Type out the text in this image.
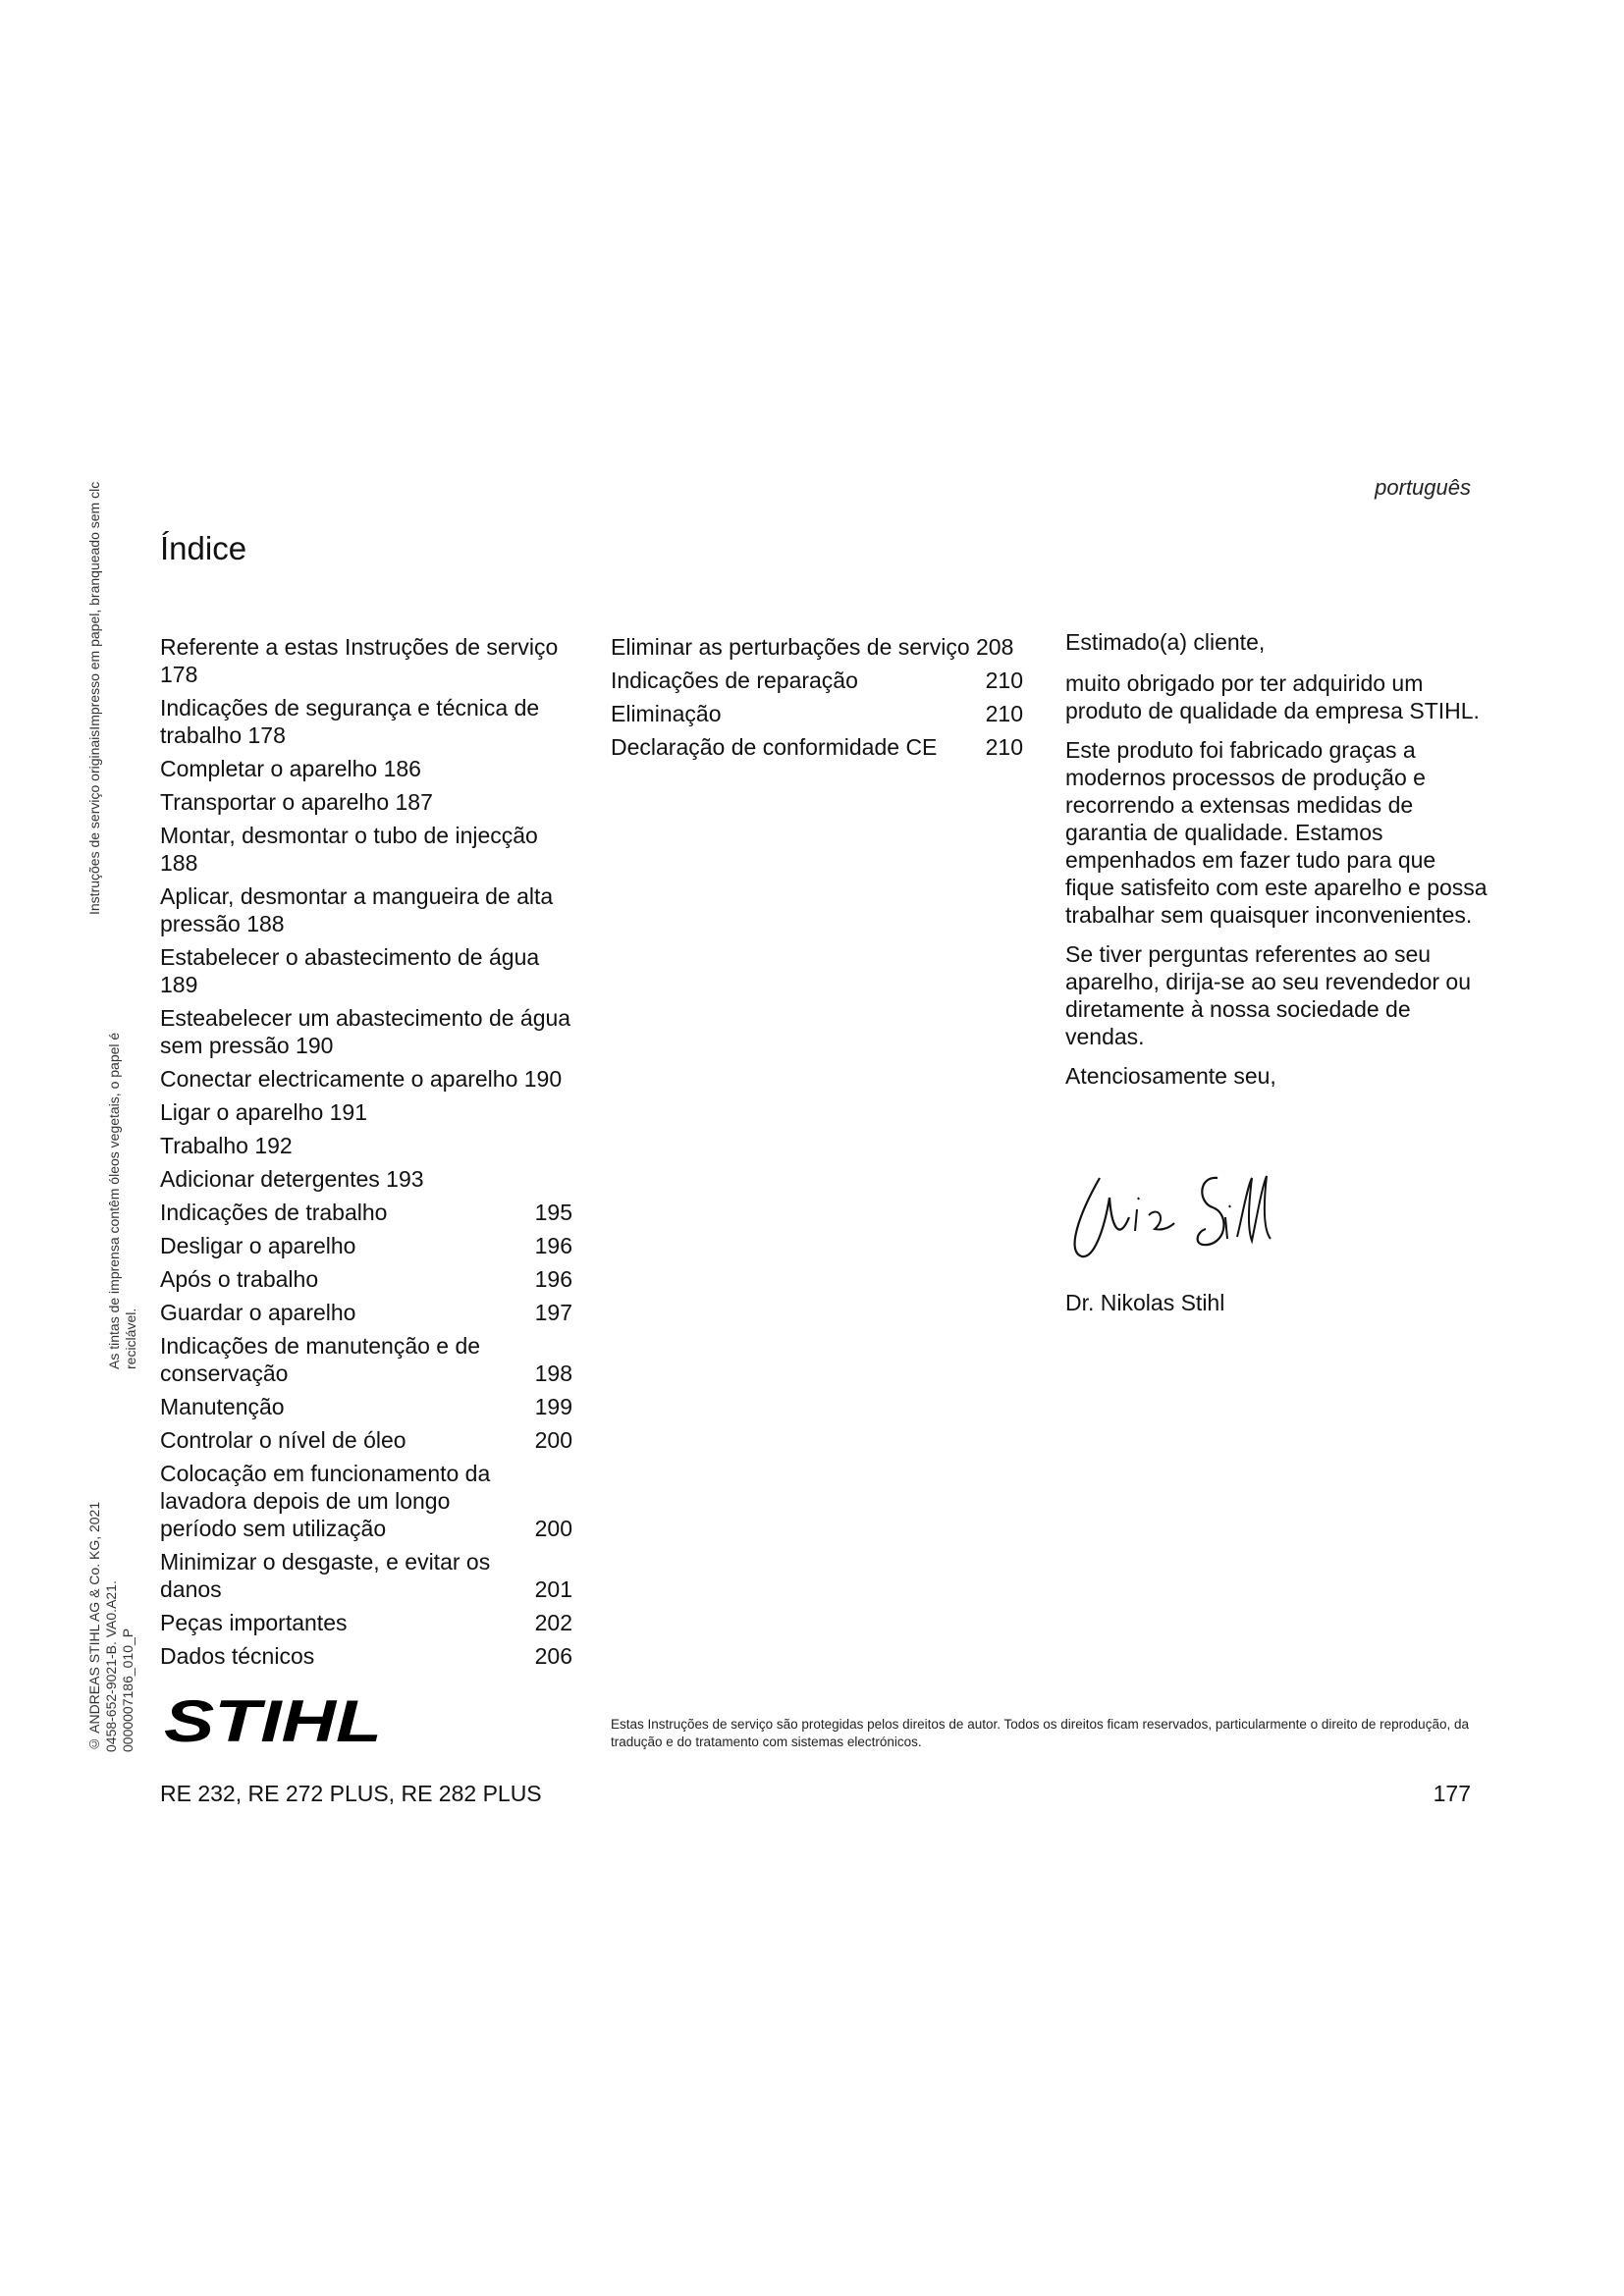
português
Índice
Referente a estas Instruções de serviço 178
Indicações de segurança e técnica de trabalho 178
Completar o aparelho 186
Transportar o aparelho 187
Montar, desmontar o tubo de injecção 188
Aplicar, desmontar a mangueira de alta pressão 188
Estabelecer o abastecimento de água 189
Esteabelecer um abastecimento de água sem pressão 190
Conectar electricamente o aparelho 190
Ligar o aparelho 191
Trabalho 192
Adicionar detergentes 193
Indicações de trabalho	195
Desligar o aparelho	196
Após o trabalho	196
Guardar o aparelho	197
Indicações de manutenção e de conservação	198
Manutenção	199
Controlar o nível de óleo	200
Colocação em funcionamento da lavadora depois de um longo período sem utilização	200
Minimizar o desgaste, e evitar os danos	201
Peças importantes	202
Dados técnicos	206
Eliminar as perturbações de serviço 208
Indicações de reparação	210
Eliminação	210
Declaração de conformidade CE	210

Estimado(a) cliente,

muito obrigado por ter adquirido um produto de qualidade da empresa STIHL.

Este produto foi fabricado graças a modernos processos de produção e recorrendo a extensas medidas de garantia de qualidade. Estamos empenhados em fazer tudo para que fique satisfeito com este aparelho e possa trabalhar sem quaisquer inconvenientes.

Se tiver perguntas referentes ao seu aparelho, dirija-se ao seu revendedor ou diretamente à nossa sociedade de vendas.

Atenciosamente seu,

Dr. Nikolas Stihl
Instruções de serviço originaisImpresso em papel, branqueado sem clc
As tintas de imprensa contêm óleos vegetais, o papel é reciclável.
© ANDREAS STIHL AG & Co. KG, 2021 0458-652-9021-B. VA0.A21. 0000007186_010_P STIHL	Estas Instruções de serviço são protegidas pelos direitos de autor. Todos os direitos ficam reservados, particularmente o direito de reprodução, da tradução e do tratamento com sistemas electrónicos.
RE 232, RE 272 PLUS, RE 282 PLUS	177
